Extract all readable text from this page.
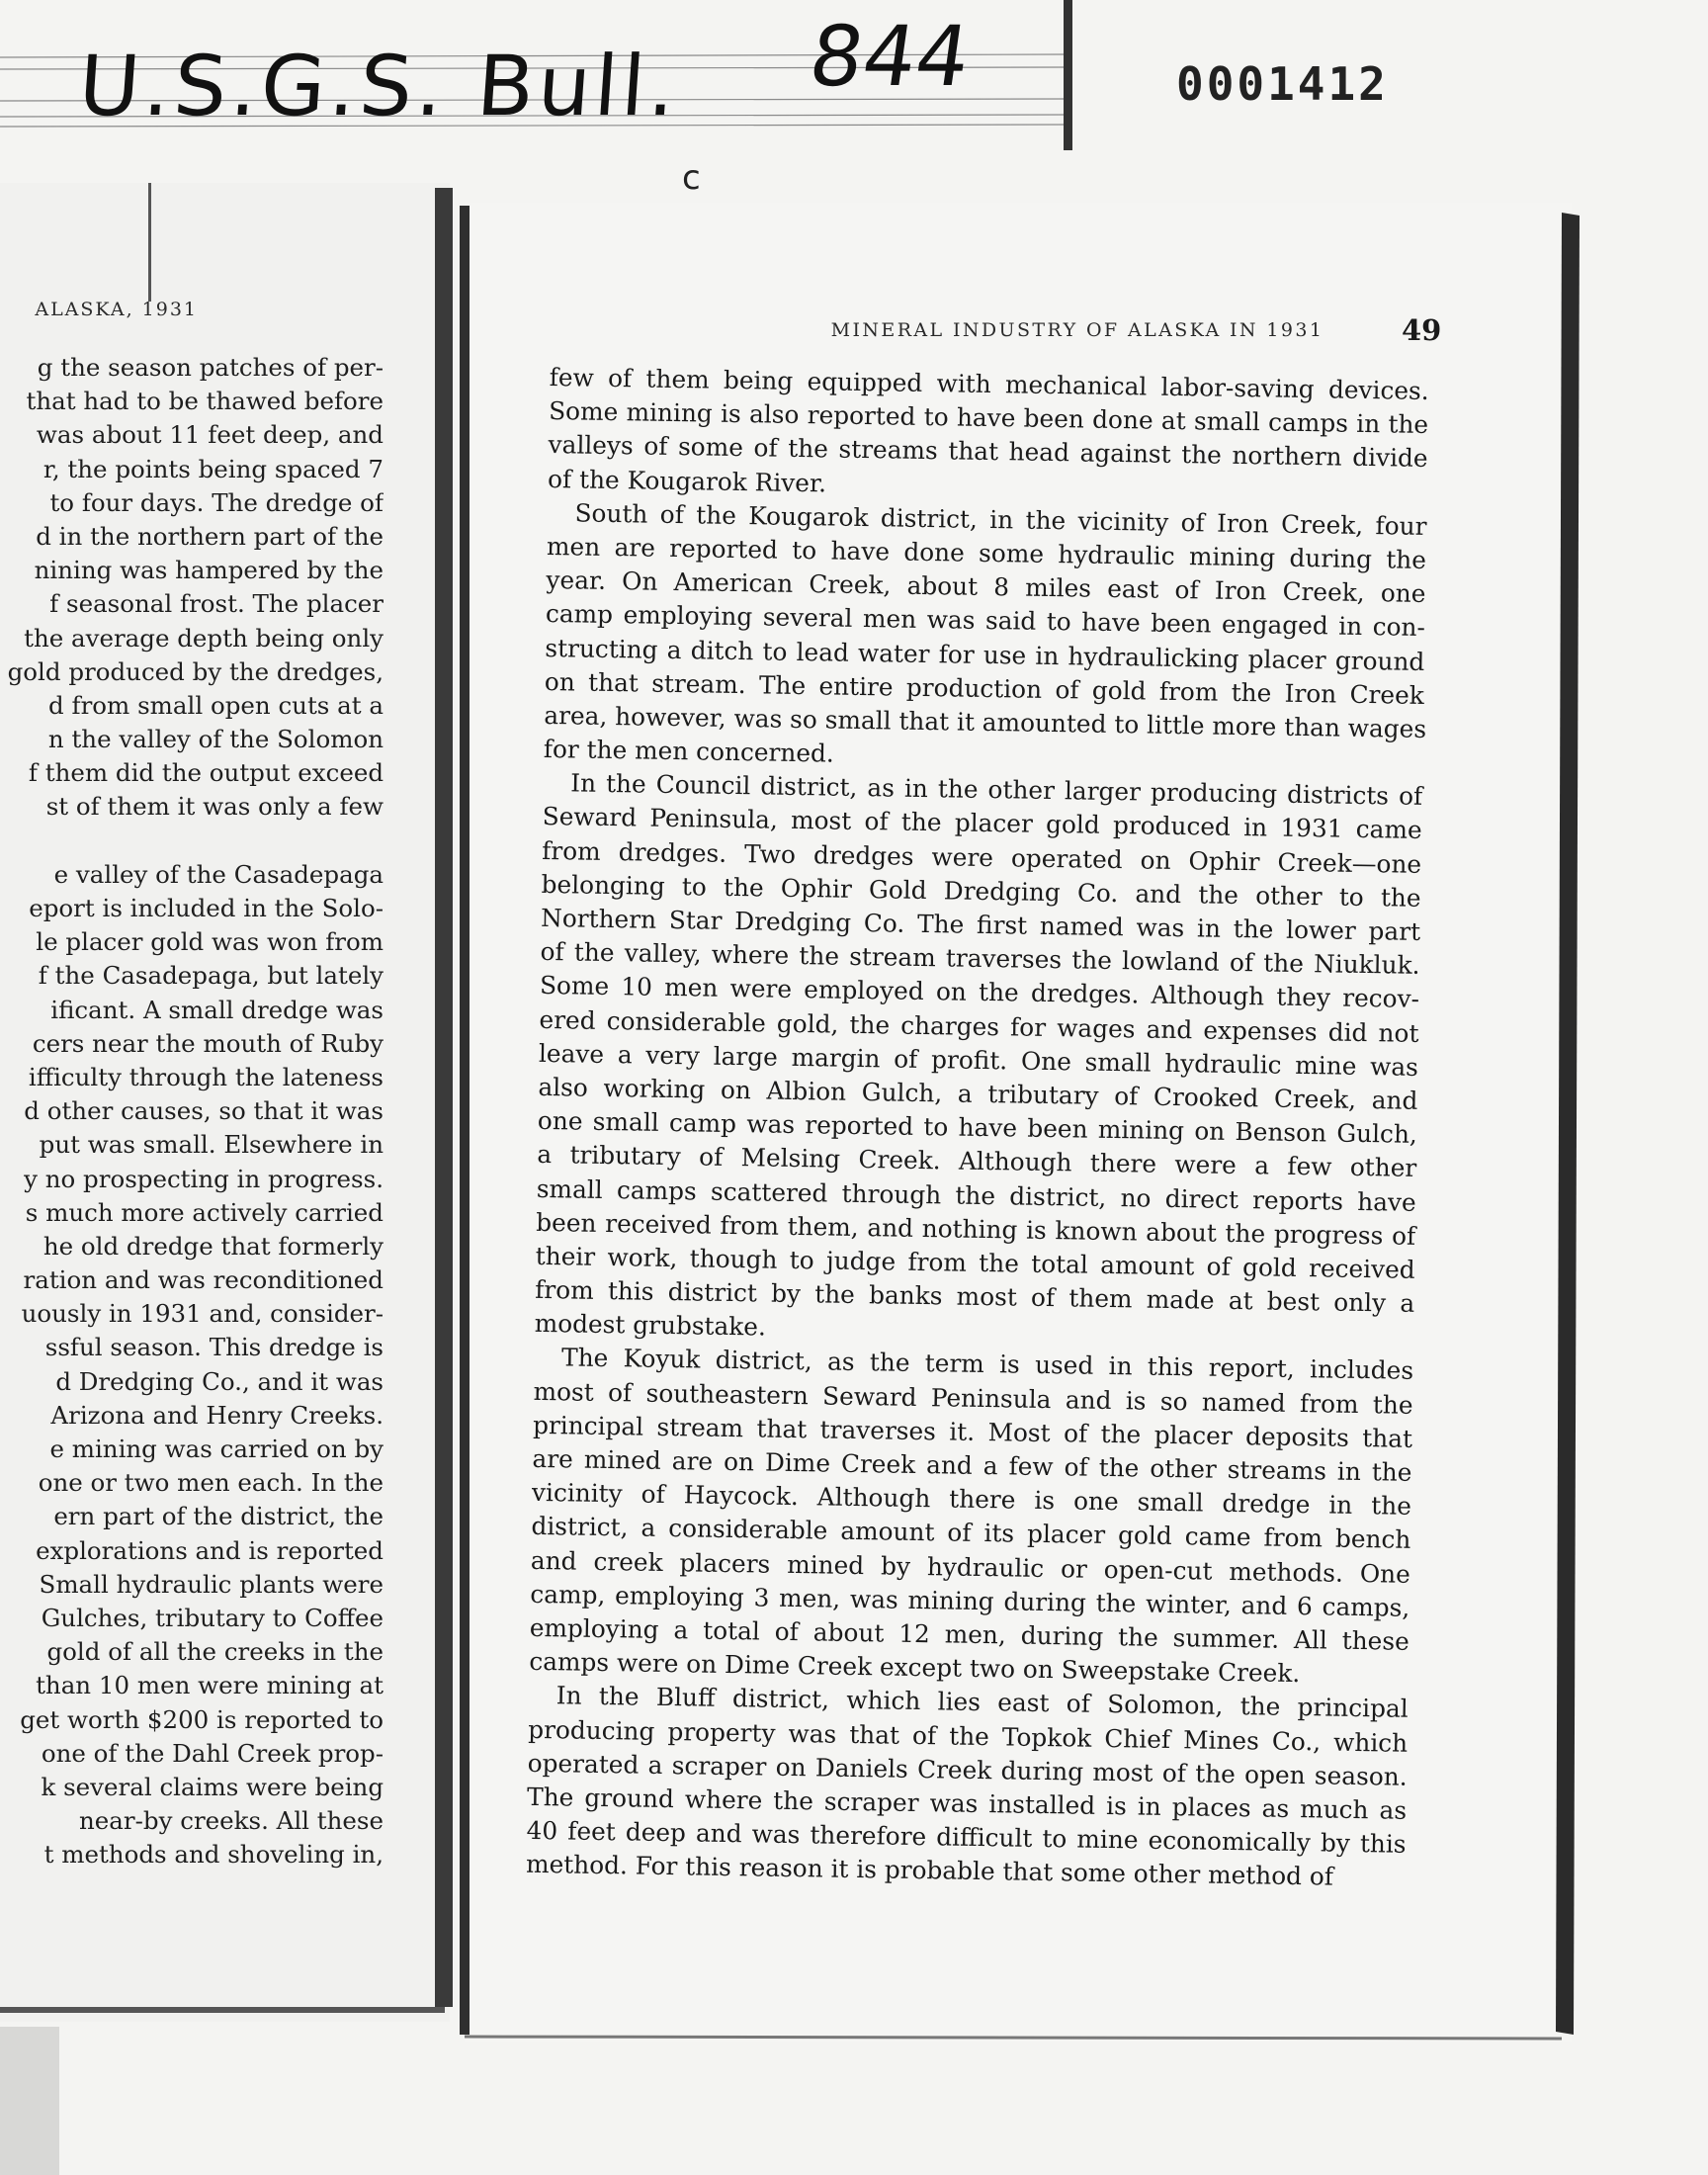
U.S.G.S. Bull. 844	0001412
c
ALASKA, 1931
g the season patches of per-
that had to be thawed before
was about 11 feet deep, and
r, the points being spaced 7
to four days. The dredge of
d in the northern part of the
nining was hampered by the
f seasonal frost. The placer
the average depth being only
gold produced by the dredges,
d from small open cuts at a
n the valley of the Solomon
f them did the output exceed
st of them it was only a few
e valley of the Casadepaga
eport is included in the Solo-
le placer gold was won from
f the Casadepaga, but lately
ificant. A small dredge was
cers near the mouth of Ruby
ifficulty through the lateness
d other causes, so that it was
put was small. Elsewhere in
y no prospecting in progress.
s much more actively carried
he old dredge that formerly
ration and was reconditioned
uously in 1931 and, consider-
ssful season. This dredge is
d Dredging Co., and it was
Arizona and Henry Creeks.
e mining was carried on by
one or two men each. In the
ern part of the district, the
explorations and is reported
Small hydraulic plants were
Gulches, tributary to Coffee
gold of all the creeks in the
than 10 men were mining at
get worth $200 is reported to
one of the Dahl Creek prop-
k several claims were being
near-by creeks. All these
t methods and shoveling in,
MINERAL INDUSTRY OF ALASKA IN 1931	49
few of them being equipped with mechanical labor-saving devices.
Some mining is also reported to have been done at small camps in the
valleys of some of the streams that head against the northern divide
of the Kougarok River.
South of the Kougarok district, in the vicinity of Iron Creek, four
men are reported to have done some hydraulic mining during the
year. On American Creek, about 8 miles east of Iron Creek, one
camp employing several men was said to have been engaged in con-
structing a ditch to lead water for use in hydraulicking placer ground
on that stream. The entire production of gold from the Iron Creek
area, however, was so small that it amounted to little more than wages
for the men concerned.
In the Council district, as in the other larger producing districts of
Seward Peninsula, most of the placer gold produced in 1931 came
from dredges. Two dredges were operated on Ophir Creek—one
belonging to the Ophir Gold Dredging Co. and the other to the
Northern Star Dredging Co. The first named was in the lower part
of the valley, where the stream traverses the lowland of the Niukluk.
Some 10 men were employed on the dredges. Although they recov-
ered considerable gold, the charges for wages and expenses did not
leave a very large margin of profit. One small hydraulic mine was
also working on Albion Gulch, a tributary of Crooked Creek, and
one small camp was reported to have been mining on Benson Gulch,
a tributary of Melsing Creek. Although there were a few other
small camps scattered through the district, no direct reports have
been received from them, and nothing is known about the progress of
their work, though to judge from the total amount of gold received
from this district by the banks most of them made at best only a
modest grubstake.
The Koyuk district, as the term is used in this report, includes
most of southeastern Seward Peninsula and is so named from the
principal stream that traverses it. Most of the placer deposits that
are mined are on Dime Creek and a few of the other streams in the
vicinity of Haycock. Although there is one small dredge in the
district, a considerable amount of its placer gold came from bench
and creek placers mined by hydraulic or open-cut methods. One
camp, employing 3 men, was mining during the winter, and 6 camps,
employing a total of about 12 men, during the summer. All these
camps were on Dime Creek except two on Sweepstake Creek.
In the Bluff district, which lies east of Solomon, the principal
producing property was that of the Topkok Chief Mines Co., which
operated a scraper on Daniels Creek during most of the open season.
The ground where the scraper was installed is in places as much as
40 feet deep and was therefore difficult to mine economically by this
method. For this reason it is probable that some other method of
